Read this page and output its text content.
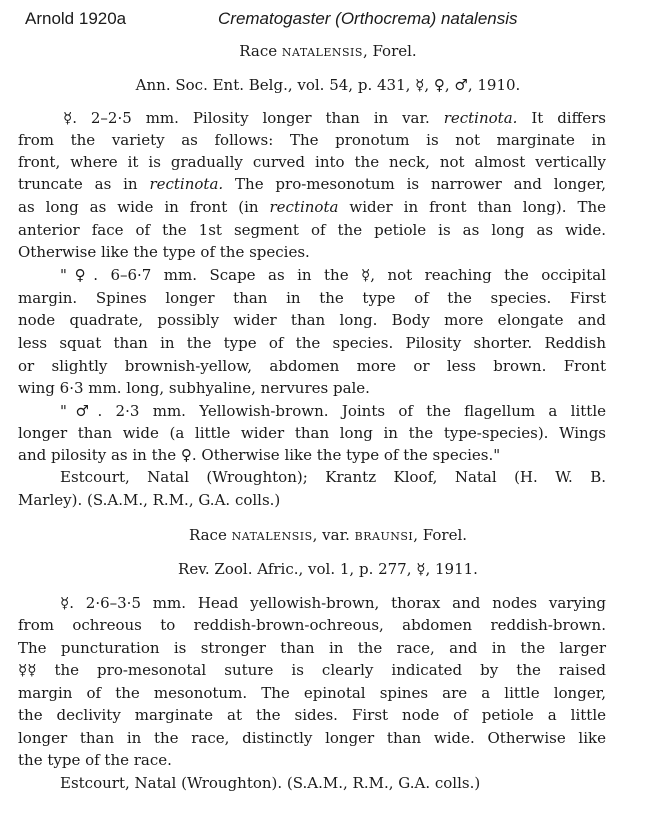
Arnold 1920a	Crematogaster (Orthocrema) natalensis
Race natalensis, Forel.
Ann. Soc. Ent. Belg., vol. 54, p. 431, ☿, ♀, ♂, 1910.
☿. 2–2·5 mm. Pilosity longer than in var. rectinota. It differs
from the variety as follows: The pronotum is not marginate in
front, where it is gradually curved into the neck, not almost vertically
truncate as in rectinota. The pro-mesonotum is narrower and longer,
as long as wide in front (in rectinota wider in front than long). The
anterior face of the 1st segment of the petiole is as long as wide.
Otherwise like the type of the species.
"♀. 6–6·7 mm. Scape as in the ☿, not reaching the occipital
margin. Spines longer than in the type of the species. First
node quadrate, possibly wider than long. Body more elongate and
less squat than in the type of the species. Pilosity shorter. Reddish
or slightly brownish-yellow, abdomen more or less brown. Front
wing 6·3 mm. long, subhyaline, nervures pale.
"♂. 2·3 mm. Yellowish-brown. Joints of the flagellum a little
longer than wide (a little wider than long in the type-species). Wings
and pilosity as in the ♀. Otherwise like the type of the species."
Estcourt, Natal (Wroughton); Krantz Kloof, Natal (H. W. B.
Marley). (S.A.M., R.M., G.A. colls.)
Race natalensis, var. braunsi, Forel.
Rev. Zool. Afric., vol. 1, p. 277, ☿, 1911.
☿. 2·6–3·5 mm. Head yellowish-brown, thorax and nodes varying
from ochreous to reddish-brown-ochreous, abdomen reddish-brown.
The puncturation is stronger than in the race, and in the larger
☿☿ the pro-mesonotal suture is clearly indicated by the raised
margin of the mesonotum. The epinotal spines are a little longer,
the declivity marginate at the sides. First node of petiole a little
longer than in the race, distinctly longer than wide. Otherwise like
the type of the race.
Estcourt, Natal (Wroughton). (S.A.M., R.M., G.A. colls.)
